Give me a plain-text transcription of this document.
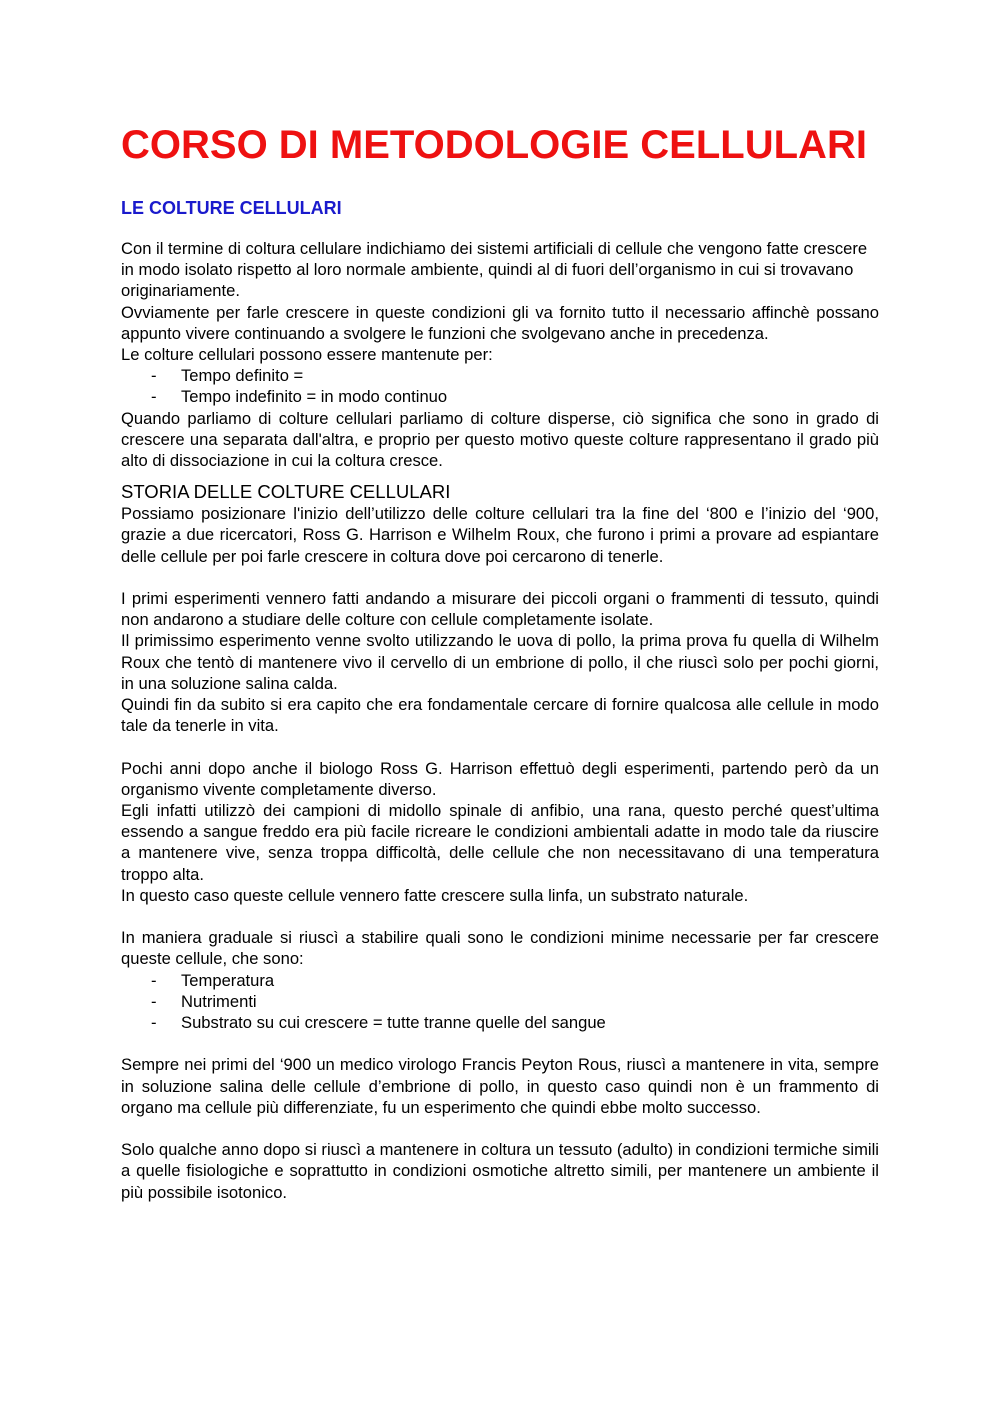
CORSO DI METODOLOGIE CELLULARI
LE COLTURE CELLULARI

Con il termine di coltura cellulare indichiamo dei sistemi artificiali di cellule che vengono fatte crescere in modo isolato rispetto al loro normale ambiente, quindi al di fuori dell’organismo in cui si trovavano originariamente.

Ovviamente per farle crescere in queste condizioni gli va fornito tutto il necessario affinchè possano appunto vivere continuando a svolgere le funzioni che svolgevano anche in precedenza.

Le colture cellulari possono essere mantenute per:

- Tempo definito =
- Tempo indefinito = in modo continuo

Quando parliamo di colture cellulari parliamo di colture disperse, ciò significa che sono in grado di crescere una separata dall'altra, e proprio per questo motivo queste colture rappresentano il grado più alto di dissociazione in cui la coltura cresce.

STORIA DELLE COLTURE CELLULARI

Possiamo posizionare l'inizio dell’utilizzo delle colture cellulari tra la fine del ‘800 e l’inizio del ‘900, grazie a due ricercatori, Ross G. Harrison e Wilhelm Roux, che furono i primi a provare ad espiantare delle cellule per poi farle crescere in coltura dove poi cercarono di tenerle.

I primi esperimenti vennero fatti andando a misurare dei piccoli organi o frammenti di tessuto, quindi non andarono a studiare delle colture con cellule completamente isolate.

Il primissimo esperimento venne svolto utilizzando le uova di pollo, la prima prova fu quella di Wilhelm Roux che tentò di mantenere vivo il cervello di un embrione di pollo, il che riuscì solo per pochi giorni, in una soluzione salina calda.

Quindi fin da subito si era capito che era fondamentale cercare di fornire qualcosa alle cellule in modo tale da tenerle in vita.

Pochi anni dopo anche il biologo Ross G. Harrison effettuò degli esperimenti, partendo però da un organismo vivente completamente diverso.

Egli infatti utilizzò dei campioni di midollo spinale di anfibio, una rana, questo perché quest’ultima essendo a sangue freddo era più facile ricreare le condizioni ambientali adatte in modo tale da riuscire a mantenere vive, senza troppa difficoltà, delle cellule che non necessitavano di una temperatura troppo alta.

In questo caso queste cellule vennero fatte crescere sulla linfa, un substrato naturale.

In maniera graduale si riuscì a stabilire quali sono le condizioni minime necessarie per far crescere queste cellule, che sono:

- Temperatura
- Nutrimenti
- Substrato su cui crescere = tutte tranne quelle del sangue

Sempre nei primi del ‘900 un medico virologo Francis Peyton Rous, riuscì a mantenere in vita, sempre in soluzione salina delle cellule d’embrione di pollo, in questo caso quindi non è un frammento di organo ma cellule più differenziate, fu un esperimento che quindi ebbe molto successo.

Solo qualche anno dopo si riuscì a mantenere in coltura un tessuto (adulto) in condizioni termiche simili a quelle fisiologiche e soprattutto in condizioni osmotiche altretto simili, per mantenere un ambiente il più possibile isotonico.
